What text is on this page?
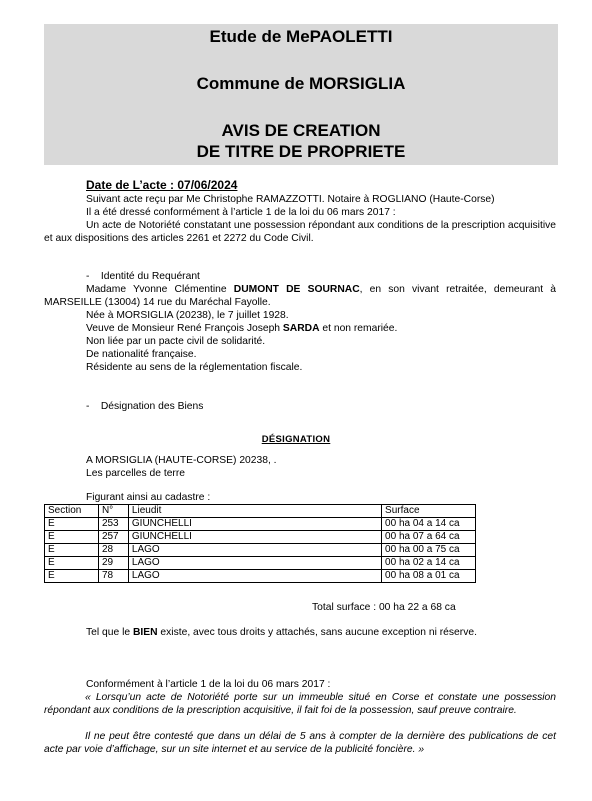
Etude de MePAOLETTI
Commune de MORSIGLIA
AVIS DE CREATION
DE TITRE DE PROPRIETE
Date de L’acte : 07/06/2024
Suivant acte reçu par Me Christophe RAMAZZOTTI. Notaire à ROGLIANO (Haute-Corse)
Il a été dressé conformément à l’article 1 de la loi du 06 mars 2017 :
Un acte de Notoriété constatant une possession répondant aux conditions de la prescription acquisitive et aux dispositions des articles 2261 et 2272 du Code Civil.
-    Identité du Requérant
Madame Yvonne Clémentine DUMONT DE SOURNAC, en son vivant retraitée, demeurant à MARSEILLE (13004) 14 rue du Maréchal Fayolle.
Née à MORSIGLIA (20238), le 7 juillet 1928.
Veuve de Monsieur René François Joseph SARDA et non remariée.
Non liée par un pacte civil de solidarité.
De nationalité française.
Résidente au sens de la réglementation fiscale.
-    Désignation des Biens
DÉSIGNATION
A MORSIGLIA (HAUTE-CORSE) 20238, .
Les parcelles de terre
Figurant ainsi au cadastre :
Section	N°	Lieudit	Surface
E	253	GIUNCHELLI	00 ha 04 a 14 ca
E	257	GIUNCHELLI	00 ha 07 a 64 ca
E	28	LAGO	00 ha 00 a 75 ca
E	29	LAGO	00 ha 02 a 14 ca
E	78	LAGO	00 ha 08 a 01 ca
Total surface : 00 ha 22 a 68 ca
Tel que le BIEN existe, avec tous droits y attachés, sans aucune exception ni réserve.
Conformément à l’article 1 de la loi du 06 mars 2017 :
« Lorsqu’un acte de Notoriété porte sur un immeuble situé en Corse et constate une possession répondant aux conditions de la prescription acquisitive, il fait foi de la possession, sauf preuve contraire.
Il ne peut être contesté que dans un délai de 5 ans à compter de la dernière des publications de cet acte par voie d’affichage, sur un site internet et au service de la publicité foncière. »
